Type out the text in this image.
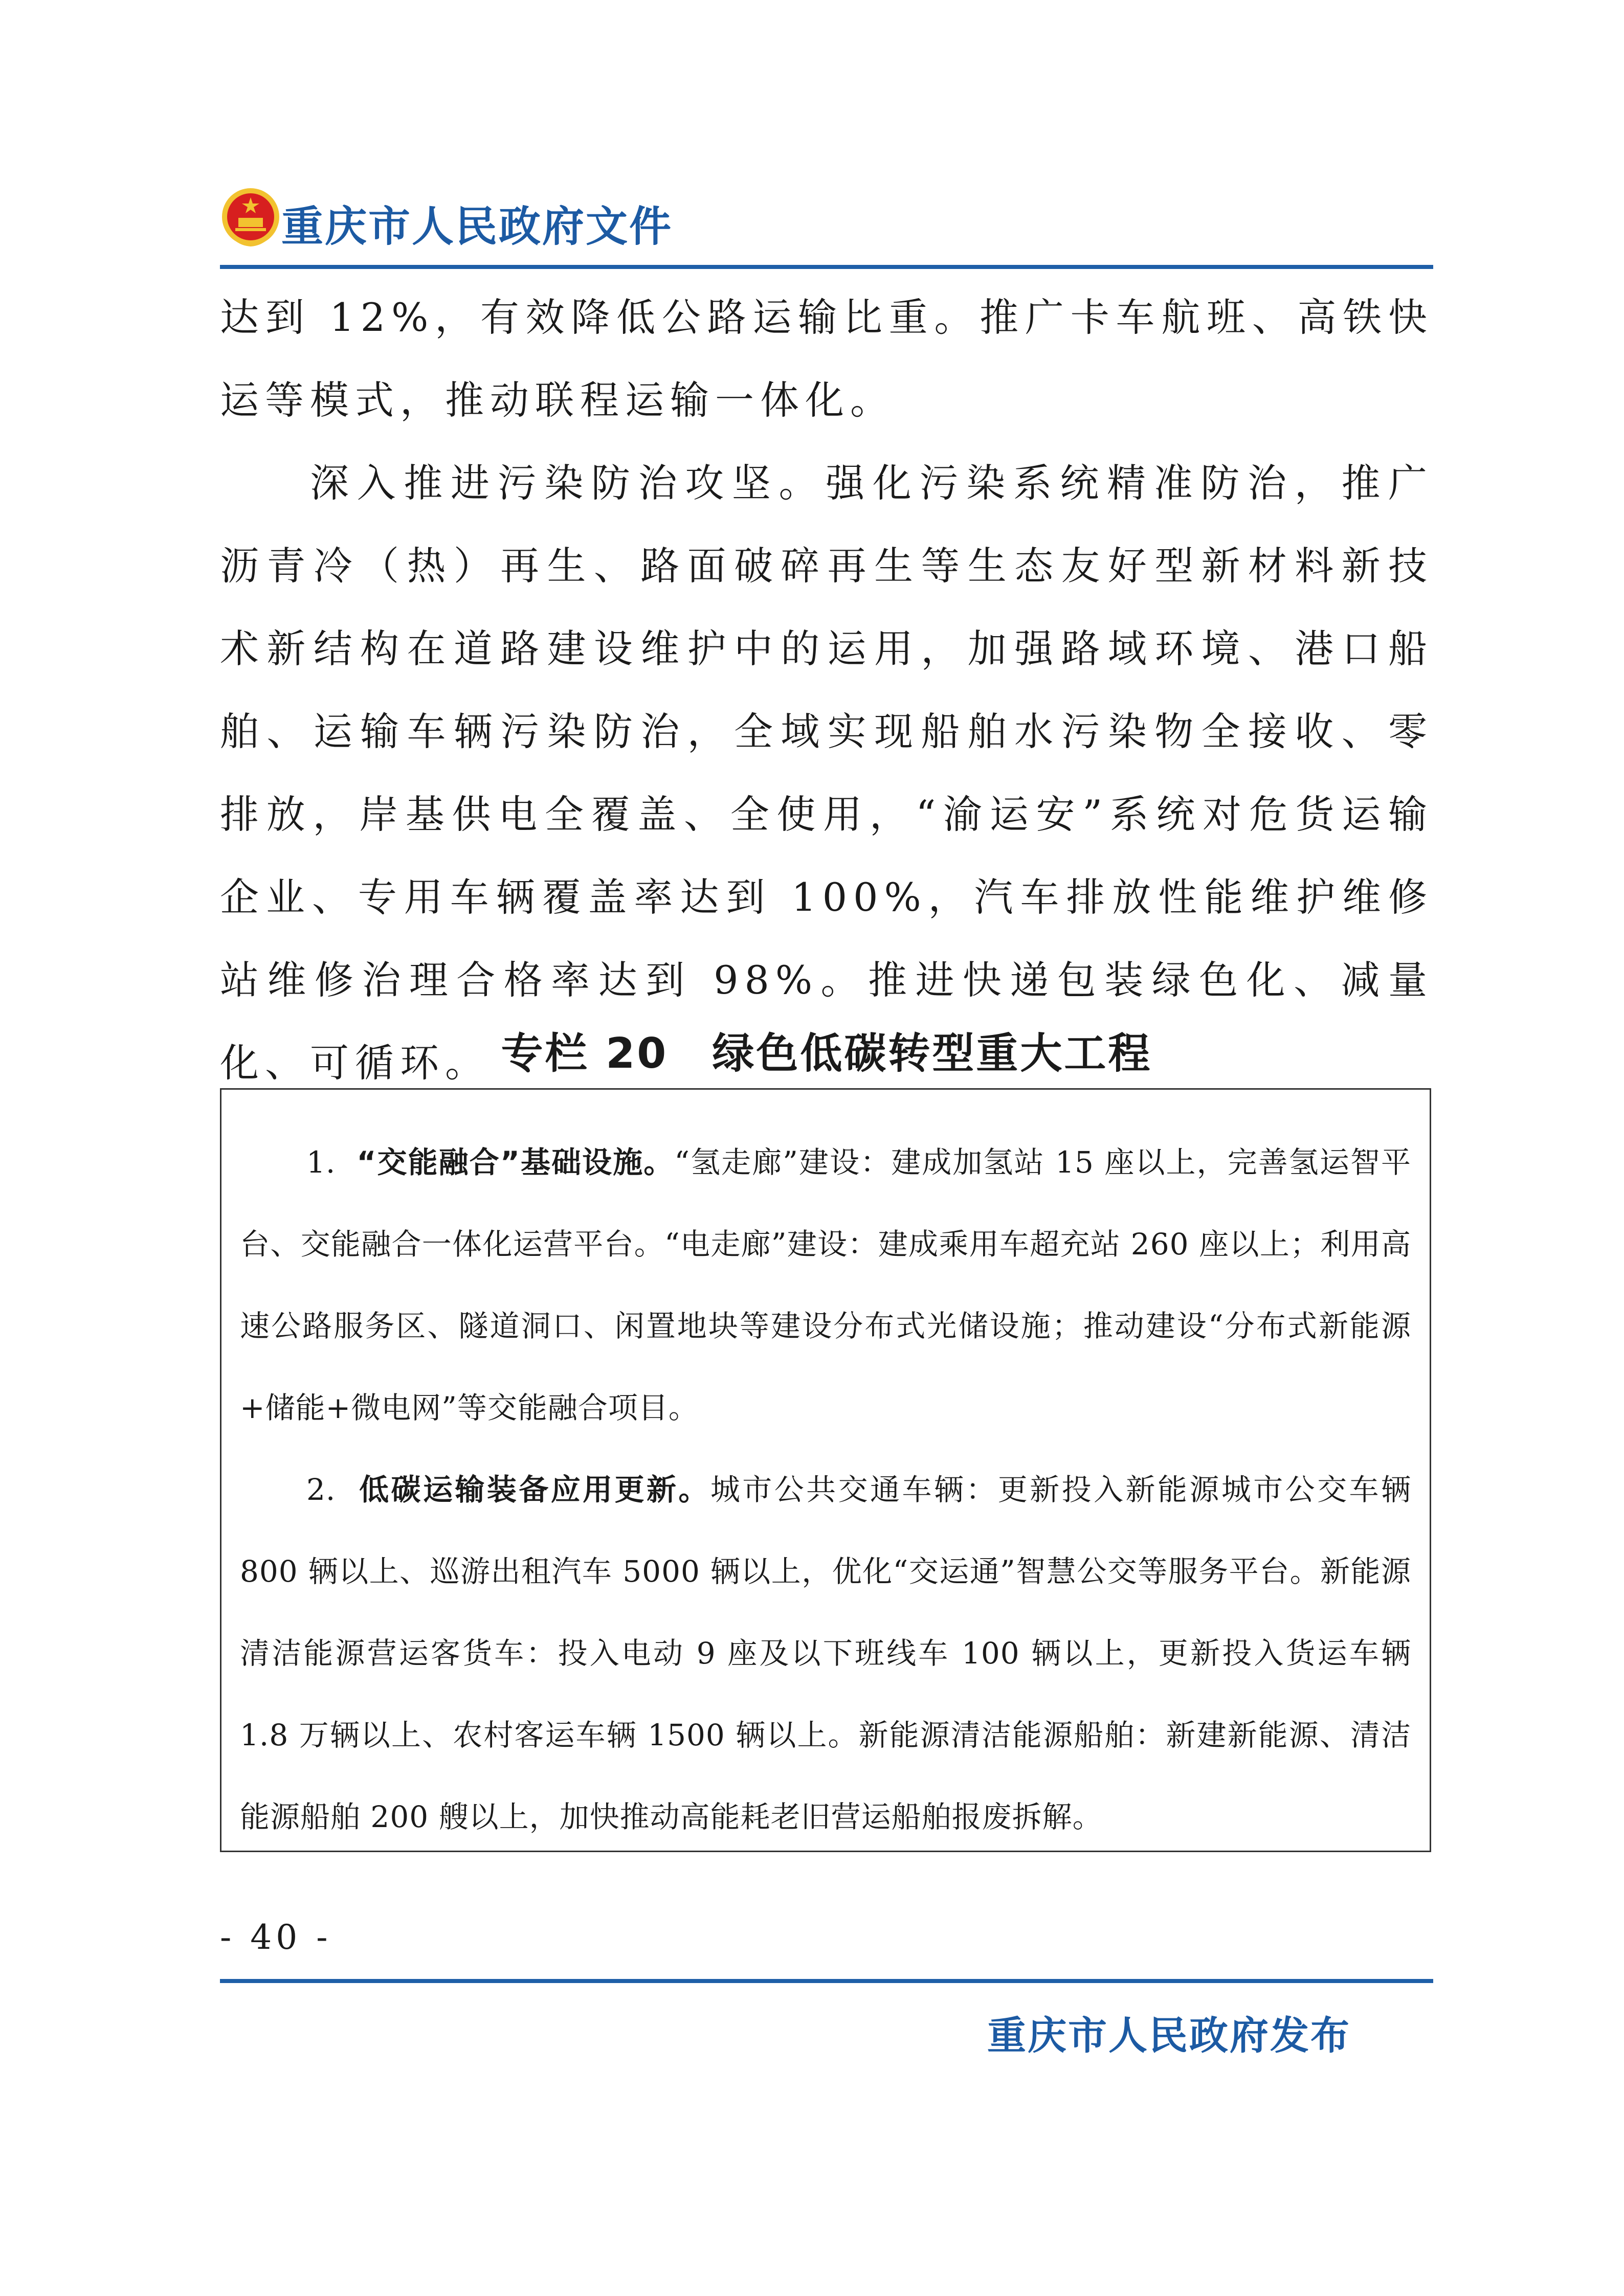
重庆市人民政府文件

达到 12%，有效降低公路运输比重。推广卡车航班、高铁快运等模式，推动联程运输一体化。

深入推进污染防治攻坚。强化污染系统精准防治，推广沥青冷（热）再生、路面破碎再生等生态友好型新材料新技术新结构在道路建设维护中的运用，加强路域环境、港口船舶、运输车辆污染防治，全域实现船舶水污染物全接收、零排放，岸基供电全覆盖、全使用，“渝运安”系统对危货运输企业、专用车辆覆盖率达到 100%，汽车排放性能维护维修站维修治理合格率达到 98%。推进快递包装绿色化、减量化、可循环。 专栏 20　绿色低碳转型重大工程

1. “交能融合”基础设施。“氢走廊”建设：建成加氢站 15 座以上，完善氢运智平台、交能融合一体化运营平台。“电走廊”建设：建成乘用车超充站 260 座以上；利用高速公路服务区、隧道洞口、闲置地块等建设分布式光储设施；推动建设“分布式新能源+储能+微电网”等交能融合项目。

2. 低碳运输装备应用更新。城市公共交通车辆：更新投入新能源城市公交车辆 800 辆以上、巡游出租汽车 5000 辆以上，优化“交运通”智慧公交等服务平台。新能源清洁能源营运客货车：投入电动 9 座及以下班线车 100 辆以上，更新投入货运车辆 1.8 万辆以上、农村客运车辆 1500 辆以上。新能源清洁能源船舶：新建新能源、清洁能源船舶 200 艘以上，加快推动高能耗老旧营运船舶报废拆解。

- 40 -
重庆市人民政府发布
